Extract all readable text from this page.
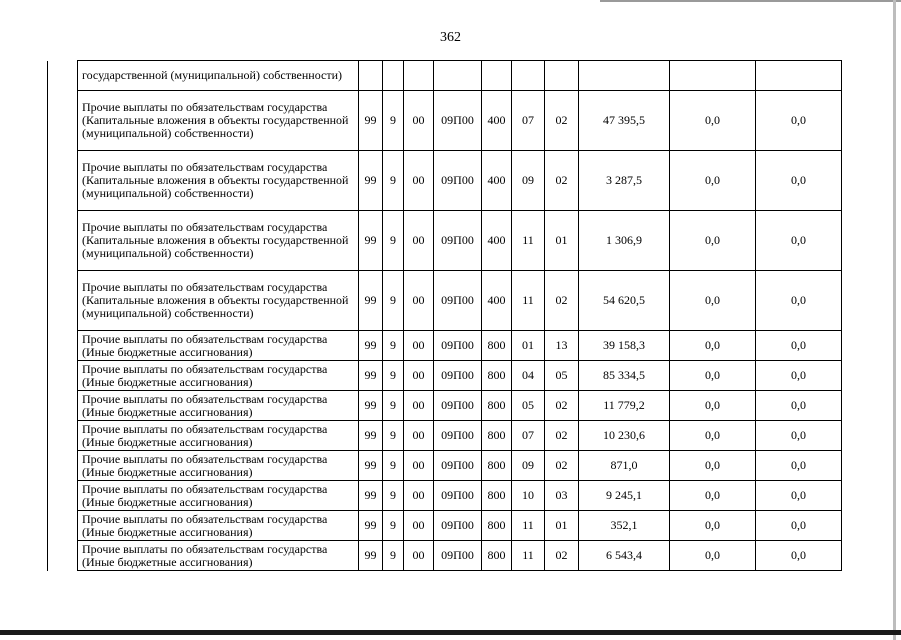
362
	государственной (муниципальной) собственности)										
	Прочие выплаты по обязательствам государства (Капитальные вложения в объекты государственной (муниципальной) собственности)	99	9	00	09П00	400	07	02	47 395,5	0,0	0,0
	Прочие выплаты по обязательствам государства (Капитальные вложения в объекты государственной (муниципальной) собственности)	99	9	00	09П00	400	09	02	3 287,5	0,0	0,0
	Прочие выплаты по обязательствам государства (Капитальные вложения в объекты государственной (муниципальной) собственности)	99	9	00	09П00	400	11	01	1 306,9	0,0	0,0
	Прочие выплаты по обязательствам государства (Капитальные вложения в объекты государственной (муниципальной) собственности)	99	9	00	09П00	400	11	02	54 620,5	0,0	0,0
	Прочие выплаты по обязательствам государства (Иные бюджетные ассигнования)	99	9	00	09П00	800	01	13	39 158,3	0,0	0,0
	Прочие выплаты по обязательствам государства (Иные бюджетные ассигнования)	99	9	00	09П00	800	04	05	85 334,5	0,0	0,0
	Прочие выплаты по обязательствам государства (Иные бюджетные ассигнования)	99	9	00	09П00	800	05	02	11 779,2	0,0	0,0
	Прочие выплаты по обязательствам государства (Иные бюджетные ассигнования)	99	9	00	09П00	800	07	02	10 230,6	0,0	0,0
	Прочие выплаты по обязательствам государства (Иные бюджетные ассигнования)	99	9	00	09П00	800	09	02	871,0	0,0	0,0
	Прочие выплаты по обязательствам государства (Иные бюджетные ассигнования)	99	9	00	09П00	800	10	03	9 245,1	0,0	0,0
	Прочие выплаты по обязательствам государства (Иные бюджетные ассигнования)	99	9	00	09П00	800	11	01	352,1	0,0	0,0
	Прочие выплаты по обязательствам государства (Иные бюджетные ассигнования)	99	9	00	09П00	800	11	02	6 543,4	0,0	0,0
